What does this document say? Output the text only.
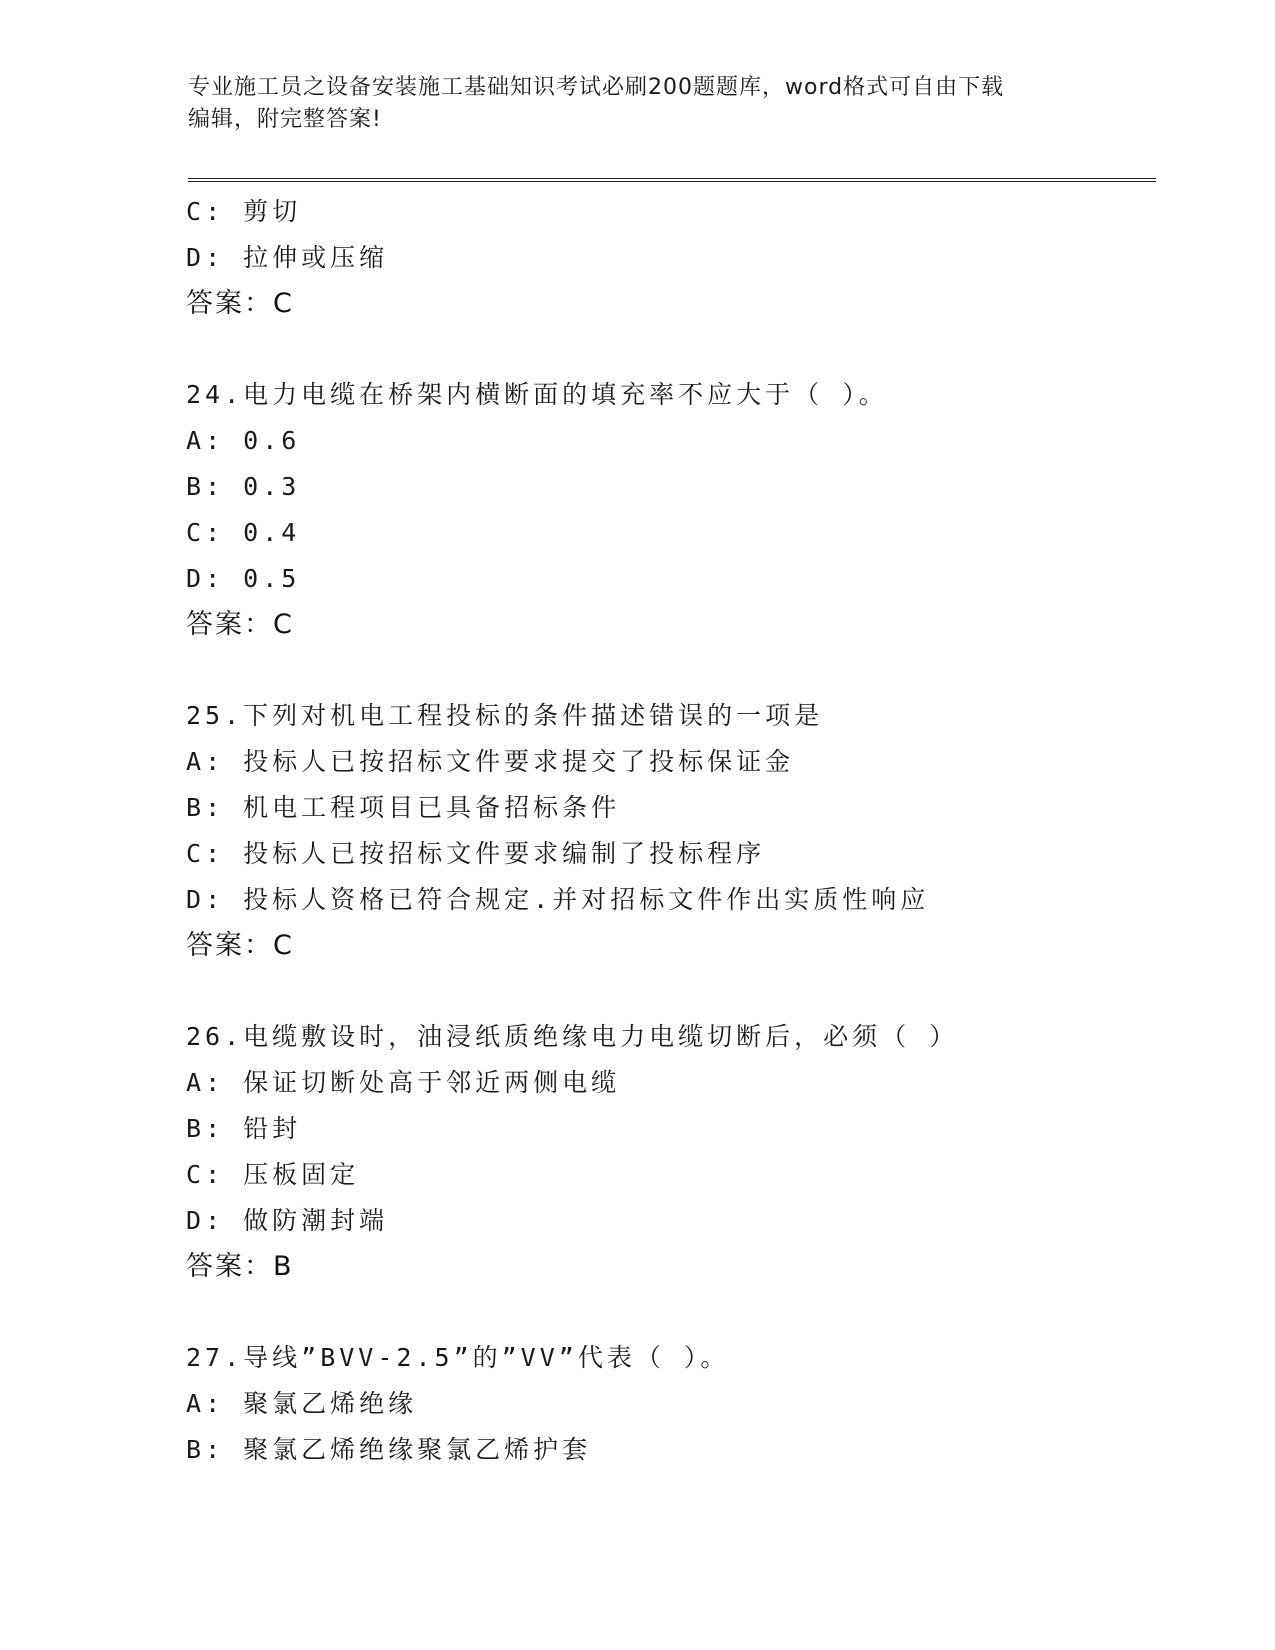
专业施工员之设备安装施工基础知识考试必刷200题题库，word格式可自由下载
编辑，附完整答案!
C: 剪切
D: 拉伸或压缩
答案：C
24.电力电缆在桥架内横断面的填充率不应大于（ ）。
A: 0.6
B: 0.3
C: 0.4
D: 0.5
答案：C
25.下列对机电工程投标的条件描述错误的一项是
A: 投标人已按招标文件要求提交了投标保证金
B: 机电工程项目已具备招标条件
C: 投标人已按招标文件要求编制了投标程序
D: 投标人资格已符合规定.并对招标文件作出实质性响应
答案：C
26.电缆敷设时，油浸纸质绝缘电力电缆切断后，必须（ ）
A: 保证切断处高于邻近两侧电缆
B: 铅封
C: 压板固定
D: 做防潮封端
答案：B
27.导线”BVV-2.5”的”VV”代表（ ）。
A: 聚氯乙烯绝缘
B: 聚氯乙烯绝缘聚氯乙烯护套
